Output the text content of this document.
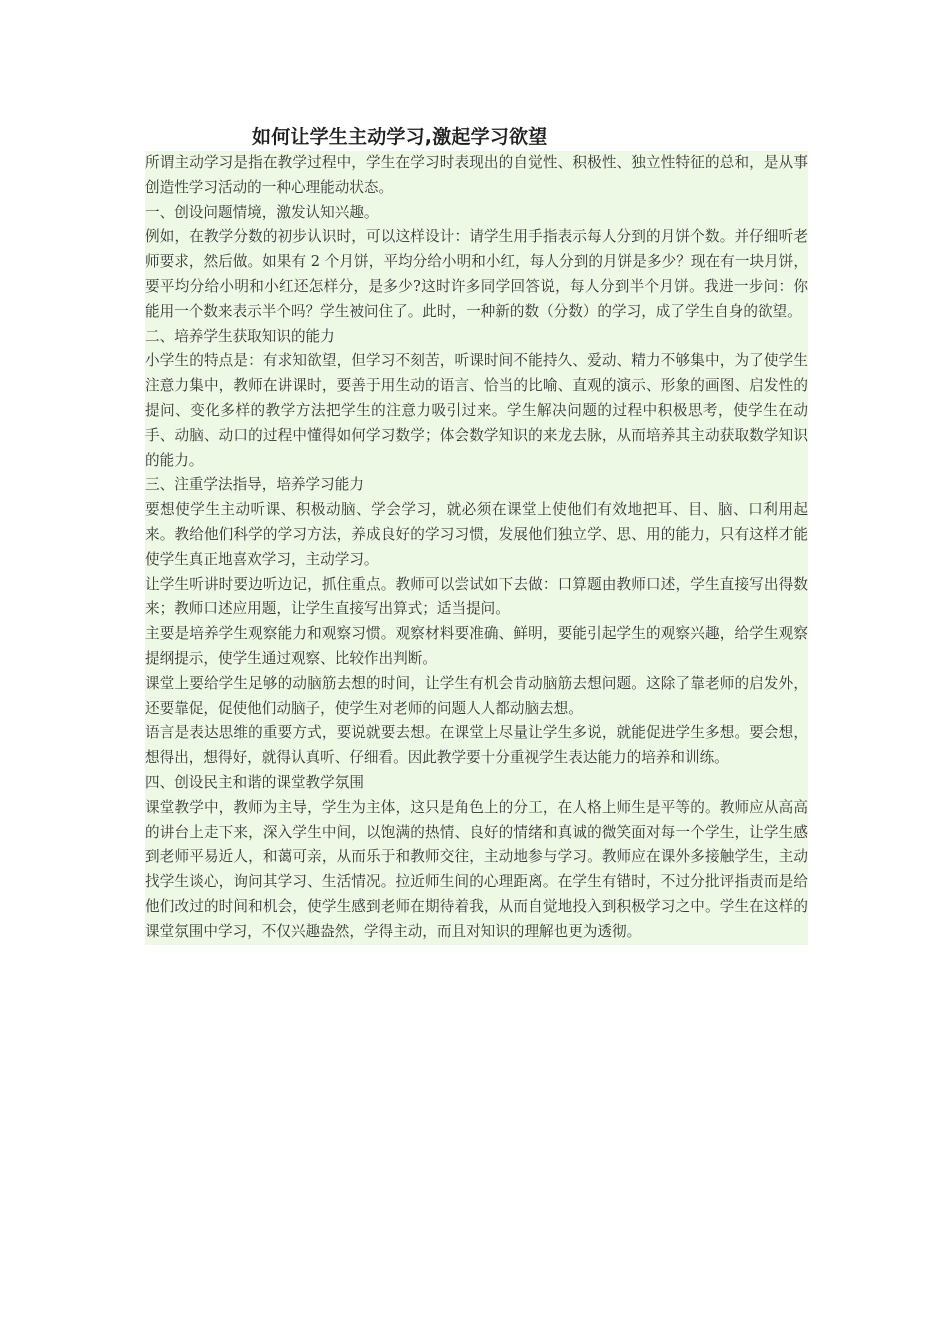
如何让学生主动学习,激起学习欲望

所谓主动学习是指在教学过程中，学生在学习时表现出的自觉性、积极性、独立性特征的总和，是从事创造性学习活动的一种心理能动状态。

一、创设问题情境，激发认知兴趣。

例如，在教学分数的初步认识时，可以这样设计：请学生用手指表示每人分到的月饼个数。并仔细听老师要求，然后做。如果有 2 个月饼，平均分给小明和小红，每人分到的月饼是多少？现在有一块月饼，要平均分给小明和小红还怎样分，是多少?这时许多同学回答说，每人分到半个月饼。我进一步问：你能用一个数来表示半个吗？学生被问住了。此时，一种新的数（分数）的学习，成了学生自身的欲望。

二、培养学生获取知识的能力

小学生的特点是：有求知欲望，但学习不刻苦，听课时间不能持久、爱动、精力不够集中，为了使学生注意力集中，教师在讲课时，要善于用生动的语言、恰当的比喻、直观的演示、形象的画图、启发性的提问、变化多样的教学方法把学生的注意力吸引过来。学生解决问题的过程中积极思考，使学生在动手、动脑、动口的过程中懂得如何学习数学；体会数学知识的来龙去脉，从而培养其主动获取数学知识的能力。

三、注重学法指导，培养学习能力

要想使学生主动听课、积极动脑、学会学习，就必须在课堂上使他们有效地把耳、目、脑、口利用起来。教给他们科学的学习方法，养成良好的学习习惯，发展他们独立学、思、用的能力，只有这样才能使学生真正地喜欢学习，主动学习。

让学生听讲时要边听边记，抓住重点。教师可以尝试如下去做：口算题由教师口述，学生直接写出得数来；教师口述应用题，让学生直接写出算式；适当提问。

主要是培养学生观察能力和观察习惯。观察材料要准确、鲜明，要能引起学生的观察兴趣，给学生观察提纲提示，使学生通过观察、比较作出判断。

课堂上要给学生足够的动脑筋去想的时间，让学生有机会肯动脑筋去想问题。这除了靠老师的启发外，还要靠促，促使他们动脑子，使学生对老师的问题人人都动脑去想。

语言是表达思维的重要方式，要说就要去想。在课堂上尽量让学生多说，就能促进学生多想。要会想，想得出，想得好，就得认真听、仔细看。因此教学要十分重视学生表达能力的培养和训练。

四、创设民主和谐的课堂教学氛围

课堂教学中，教师为主导，学生为主体，这只是角色上的分工，在人格上师生是平等的。教师应从高高的讲台上走下来，深入学生中间，以饱满的热情、良好的情绪和真诚的微笑面对每一个学生，让学生感到老师平易近人，和蔼可亲，从而乐于和教师交往，主动地参与学习。教师应在课外多接触学生，主动找学生谈心，询问其学习、生活情况。拉近师生间的心理距离。在学生有错时，不过分批评指责而是给他们改过的时间和机会，使学生感到老师在期待着我，从而自觉地投入到积极学习之中。学生在这样的课堂氛围中学习，不仅兴趣盎然，学得主动，而且对知识的理解也更为透彻。
